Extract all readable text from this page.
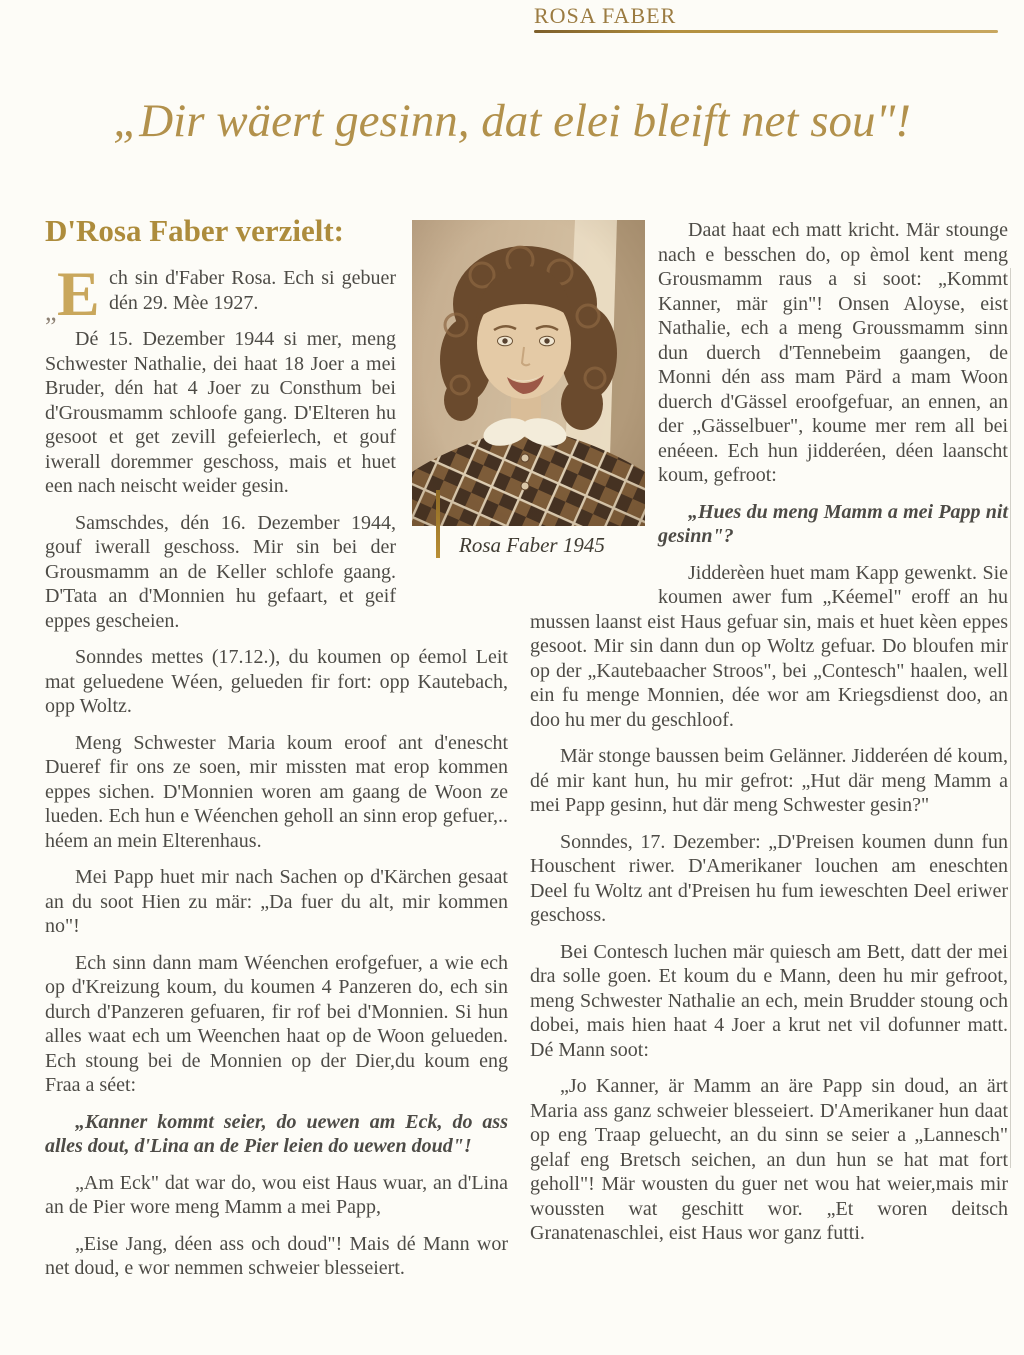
ROSA FABER
„Dir wäert gesinn, dat elei bleift net sou"!
D'Rosa Faber verzielt:

„ E ch sin d'Faber Rosa. Ech si gebuer dén 29. Mèe 1927.

Dé 15. Dezember 1944 si mer, meng Schwester Nathalie, dei haat 18 Joer a mei Bruder, dén hat 4 Joer zu Consthum bei d'Grousmamm schloofe gang. D'Elteren hu gesoot et get zevill gefeierlech, et gouf iwerall doremmer geschoss, mais et huet een nach neischt weider gesin.

Samschdes, dén 16. Dezember 1944, gouf iwerall geschoss. Mir sin bei der Grousmamm an de Keller schlofe gaang. D'Tata an d'Monnien hu gefaart, et geif eppes gescheien.

Sonndes mettes (17.12.), du koumen op éemol Leit mat geluedene Wéen, gelueden fir fort: opp Kautebach, opp Woltz.

Meng Schwester Maria koum eroof ant d'enescht Dueref fir ons ze soen, mir missten mat erop kommen eppes sichen. D'Monnien woren am gaang de Woon ze lueden. Ech hun e Wéenchen geholl an sinn erop gefuer,.. héem an mein Elterenhaus.

Mei Papp huet mir nach Sachen op d'Kärchen gesaat an du soot Hien zu mär: „Da fuer du alt, mir kommen no"!

Ech sinn dann mam Wéenchen erofgefuer, a wie ech op d'Kreizung koum, du koumen 4 Panzeren do, ech sin durch d'Panzeren gefuaren, fir rof bei d'Monnien. Si hun alles waat ech um Weenchen haat op de Woon gelueden. Ech stoung bei de Monnien op der Dier,du koum eng Fraa a séet:

„Kanner kommt seier, do uewen am Eck, do ass alles dout, d'Lina an de Pier leien do uewen doud"!

„Am Eck" dat war do, wou eist Haus wuar, an d'Lina an de Pier wore meng Mamm a mei Papp,

„Eise Jang, déen ass och doud"! Mais dé Mann wor net doud, e wor nemmen schweier blesseiert.

Rosa Faber 1945

Daat haat ech matt kricht. Mär stounge nach e besschen do, op èmol kent meng Grousmamm raus a si soot: „Kommt Kanner, mär gin"! Onsen Aloyse, eist Nathalie, ech a meng Groussmamm sinn dun duerch d'Tennebeim gaangen, de Monni dén ass mam Pärd a mam Woon duerch d'Gässel eroofgefuar, an ennen, an der „Gässelbuer", koume mer rem all bei enéeen. Ech hun jidderéen, déen laanscht koum, gefroot:

„Hues du meng Mamm a mei Papp nit gesinn"?

Jidderèen huet mam Kapp gewenkt. Sie koumen awer fum „Kéemel" eroff an hu mussen laanst eist Haus gefuar sin, mais et huet kèen eppes gesoot. Mir sin dann dun op Woltz gefuar. Do bloufen mir op der „Kautebaacher Stroos", bei „Contesch" haalen, well ein fu menge Monnien, dée wor am Kriegsdienst doo, an doo hu mer du geschloof.

Mär stonge baussen beim Gelänner. Jidderéen dé koum, dé mir kant hun, hu mir gefrot: „Hut där meng Mamm a mei Papp gesinn, hut där meng Schwester gesin?"

Sonndes, 17. Dezember: „D'Preisen koumen dunn fun Houschent riwer. D'Amerikaner louchen am eneschten Deel fu Woltz ant d'Preisen hu fum ieweschten Deel eriwer geschoss.

Bei Contesch luchen mär quiesch am Bett, datt der mei dra solle goen. Et koum du e Mann, deen hu mir gefroot, meng Schwester Nathalie an ech, mein Brudder stoung och dobei, mais hien haat 4 Joer a krut net vil dofunner matt. Dé Mann soot:

„Jo Kanner, är Mamm an äre Papp sin doud, an ärt Maria ass ganz schweier blesseiert. D'Amerikaner hun daat op eng Traap geluecht, an du sinn se seier a „Lannesch" gelaf eng Bretsch seichen, an dun hun se hat mat fort geholl"! Mär wousten du guer net wou hat weier,mais mir woussten wat geschitt wor. „Et woren deitsch Granatenaschlei, eist Haus wor ganz futti.
